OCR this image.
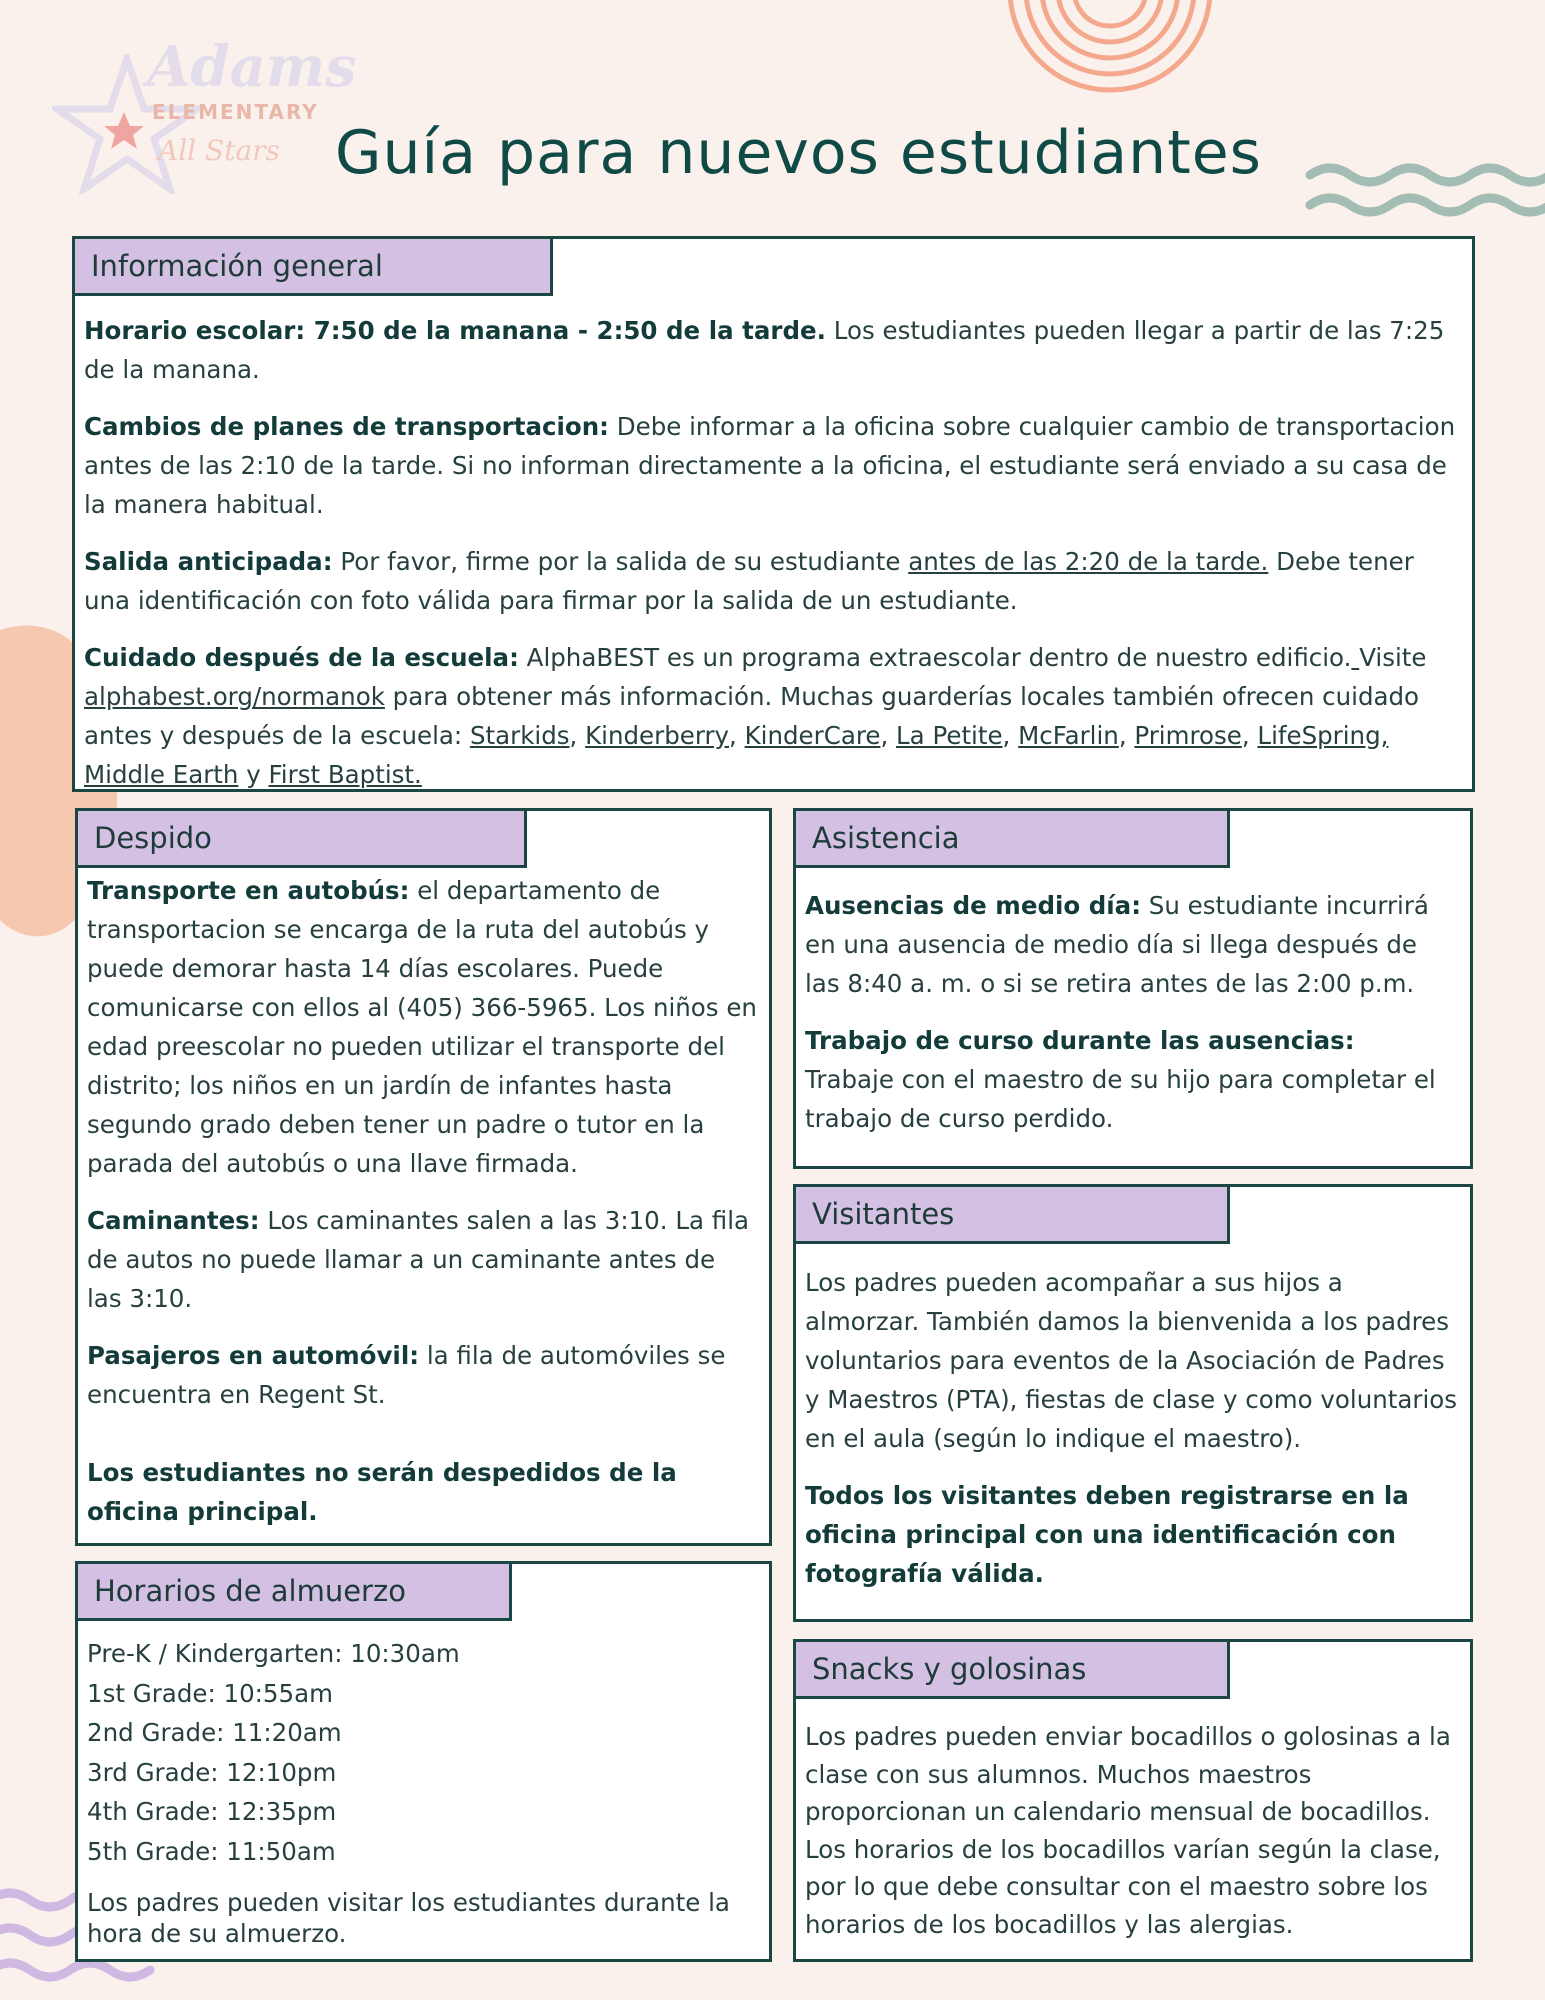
Adams
ELEMENTARY
All Stars Guía para nuevos estudiantes
Información general

Horario escolar: 7:50 de la manana - 2:50 de la tarde. Los estudiantes pueden llegar a partir de las 7:25 de la manana.

Cambios de planes de transportacion: Debe informar a la oficina sobre cualquier cambio de transportacion antes de las 2:10 de la tarde. Si no informan directamente a la oficina, el estudiante será enviado a su casa de la manera habitual.

Salida anticipada: Por favor, firme por la salida de su estudiante antes de las 2:20 de la tarde. Debe tener una identificación con foto válida para firmar por la salida de un estudiante.

Cuidado después de la escuela: AlphaBEST es un programa extraescolar dentro de nuestro edificio. Visite alphabest.org/normanok para obtener más información. Muchas guarderías locales también ofrecen cuidado antes y después de la escuela: Starkids, Kinderberry, KinderCare, La Petite, McFarlin, Primrose, LifeSpring, Middle Earth y First Baptist.

Despido

Transporte en autobús: el departamento de transportacion se encarga de la ruta del autobús y puede demorar hasta 14 días escolares. Puede comunicarse con ellos al (405) 366-5965. Los niños en edad preescolar no pueden utilizar el transporte del distrito; los niños en un jardín de infantes hasta segundo grado deben tener un padre o tutor en la parada del autobús o una llave firmada.

Caminantes: Los caminantes salen a las 3:10. La fila de autos no puede llamar a un caminante antes de las 3:10.

Pasajeros en automóvil: la fila de automóviles se encuentra en Regent St.

Los estudiantes no serán despedidos de la oficina principal.

Horarios de almuerzo
Pre-K / Kindergarten: 10:30am
1st Grade: 10:55am
2nd Grade: 11:20am
3rd Grade: 12:10pm
4th Grade: 12:35pm
5th Grade: 11:50am
Los padres pueden visitar los estudiantes durante la hora de su almuerzo.
Asistencia

Ausencias de medio día: Su estudiante incurrirá en una ausencia de medio día si llega después de las 8:40 a. m. o si se retira antes de las 2:00 p.m.

Trabajo de curso durante las ausencias:
Trabaje con el maestro de su hijo para completar el trabajo de curso perdido.

Visitantes

Los padres pueden acompañar a sus hijos a almorzar. También damos la bienvenida a los padres voluntarios para eventos de la Asociación de Padres y Maestros (PTA), fiestas de clase y como voluntarios en el aula (según lo indique el maestro).

Todos los visitantes deben registrarse en la oficina principal con una identificación con fotografía válida.

Snacks y golosinas

Los padres pueden enviar bocadillos o golosinas a la clase con sus alumnos. Muchos maestros proporcionan un calendario mensual de bocadillos. Los horarios de los bocadillos varían según la clase, por lo que debe consultar con el maestro sobre los horarios de los bocadillos y las alergias.
